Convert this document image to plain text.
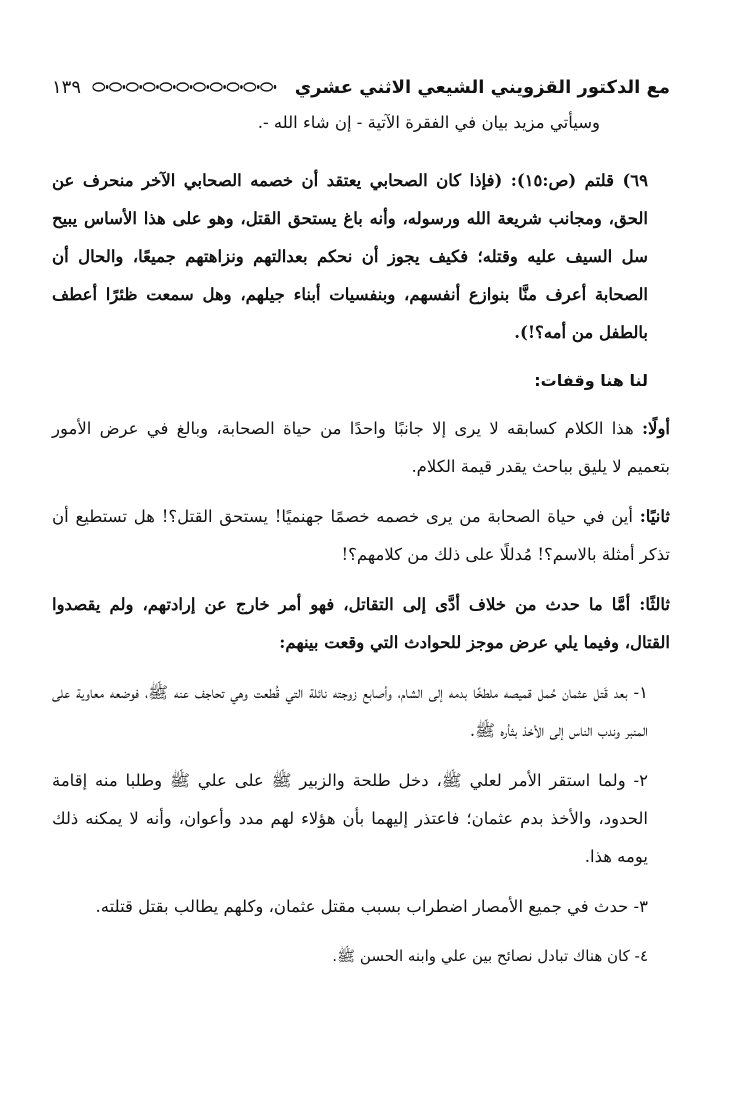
مع الدكتور القزويني الشيعي الاثني عشري
١٣٩

وسيأتي مزيد بيان في الفقرة الآتية - إن شاء الله -.

٦٩) قلتم (ص:١٥): (فإذا كان الصحابي يعتقد أن خصمه الصحابي الآخر منحرف عن الحق، ومجانب شريعة الله ورسوله، وأنه باغ يستحق القتل، وهو على هذا الأساس يبيح سل السيف عليه وقتله؛ فكيف يجوز أن نحكم بعدالتهم ونزاهتهم جميعًا، والحال أن الصحابة أعرف منَّا بنوازع أنفسهم، وبنفسيات أبناء جيلهم، وهل سمعت ظئرًا أعطف بالطفل من أمه؟!).

لنا هنا وقفات:

أولًا: هذا الكلام كسابقه لا يرى إلا جانبًا واحدًا من حياة الصحابة، وبالغ في عرض الأمور بتعميم لا يليق بباحث يقدر قيمة الكلام.

ثانيًا: أين في حياة الصحابة من يرى خصمه خصمًا جهنميًا! يستحق القتل؟! هل تستطيع أن تذكر أمثلة بالاسم؟! مُدللًا على ذلك من كلامهم؟!

ثالثًا: أمَّا ما حدث من خلاف أدَّى إلى التقاتل، فهو أمر خارج عن إرادتهم، ولم يقصدوا القتال، وفيما يلي عرض موجز للحوادث التي وقعت بينهم:

١- بعد قَتل عثمان حُمل قميصه ملطخًا بدمه إلى الشام، وأصابع زوجته نائلة التي قُطعت وهي تحاجف عنه ﷺ، فوضعه معاوية على المنبر وندب الناس إلى الأخذ بثأره ﷺ.

٢- ولما استقر الأمر لعلي ﷺ، دخل طلحة والزبير ﷺ على علي ﷺ وطلبا منه إقامة الحدود، والأخذ بدم عثمان؛ فاعتذر إليهما بأن هؤلاء لهم مدد وأعوان، وأنه لا يمكنه ذلك يومه هذا.

٣- حدث في جميع الأمصار اضطراب بسبب مقتل عثمان، وكلهم يطالب بقتل قتلته.

٤- كان هناك تبادل نصائح بين علي وابنه الحسن ﷺ.
